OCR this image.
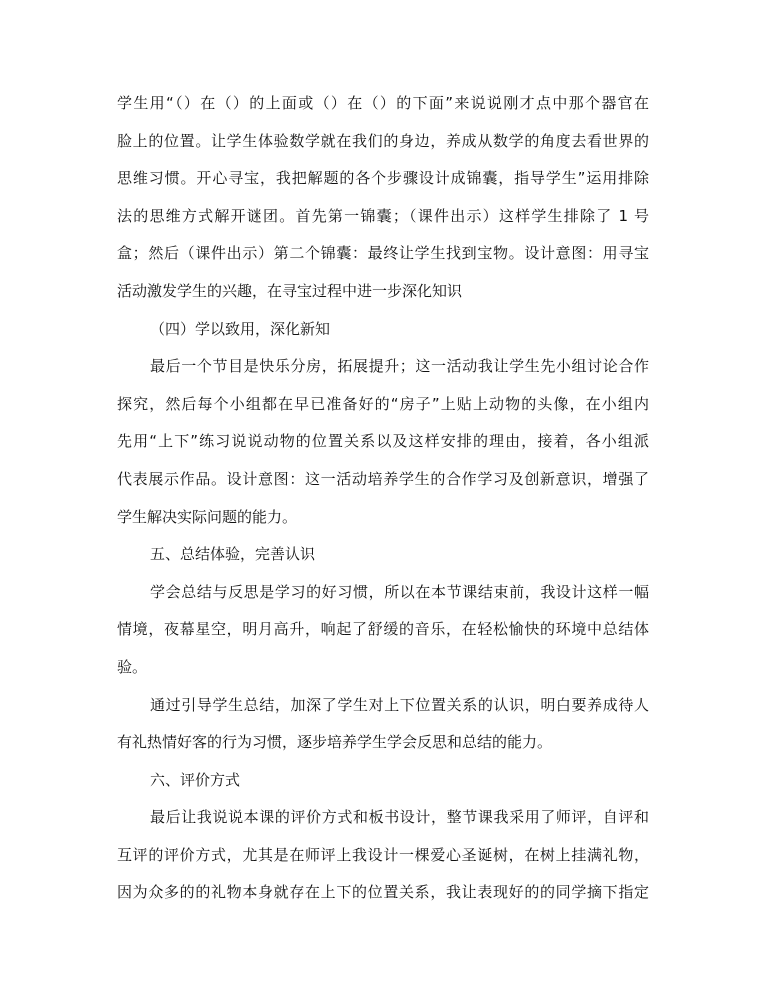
学生用“（）在（）的上面或（）在（）的下面”来说说刚才点中那个器官在
脸上的位置。让学生体验数学就在我们的身边，养成从数学的角度去看世界的
思维习惯。开心寻宝，我把解题的各个步骤设计成锦囊，指导学生”运用排除
法的思维方式解开谜团。首先第一锦囊；（课件出示）这样学生排除了 1 号
盒；然后（课件出示）第二个锦囊：最终让学生找到宝物。设计意图：用寻宝
活动激发学生的兴趣，在寻宝过程中进一步深化知识
（四）学以致用，深化新知
最后一个节目是快乐分房，拓展提升；这一活动我让学生先小组讨论合作
探究，然后每个小组都在早已准备好的“房子”上贴上动物的头像，在小组内
先用“上下”练习说说动物的位置关系以及这样安排的理由，接着，各小组派
代表展示作品。设计意图：这一活动培养学生的合作学习及创新意识，增强了
学生解决实际问题的能力。
五、总结体验，完善认识
学会总结与反思是学习的好习惯，所以在本节课结束前，我设计这样一幅
情境，夜幕星空，明月高升，响起了舒缓的音乐，在轻松愉快的环境中总结体
验。
通过引导学生总结，加深了学生对上下位置关系的认识，明白要养成待人
有礼热情好客的行为习惯，逐步培养学生学会反思和总结的能力。
六、评价方式
最后让我说说本课的评价方式和板书设计，整节课我采用了师评，自评和
互评的评价方式，尤其是在师评上我设计一棵爱心圣诞树，在树上挂满礼物，
因为众多的的礼物本身就存在上下的位置关系，我让表现好的的同学摘下指定
